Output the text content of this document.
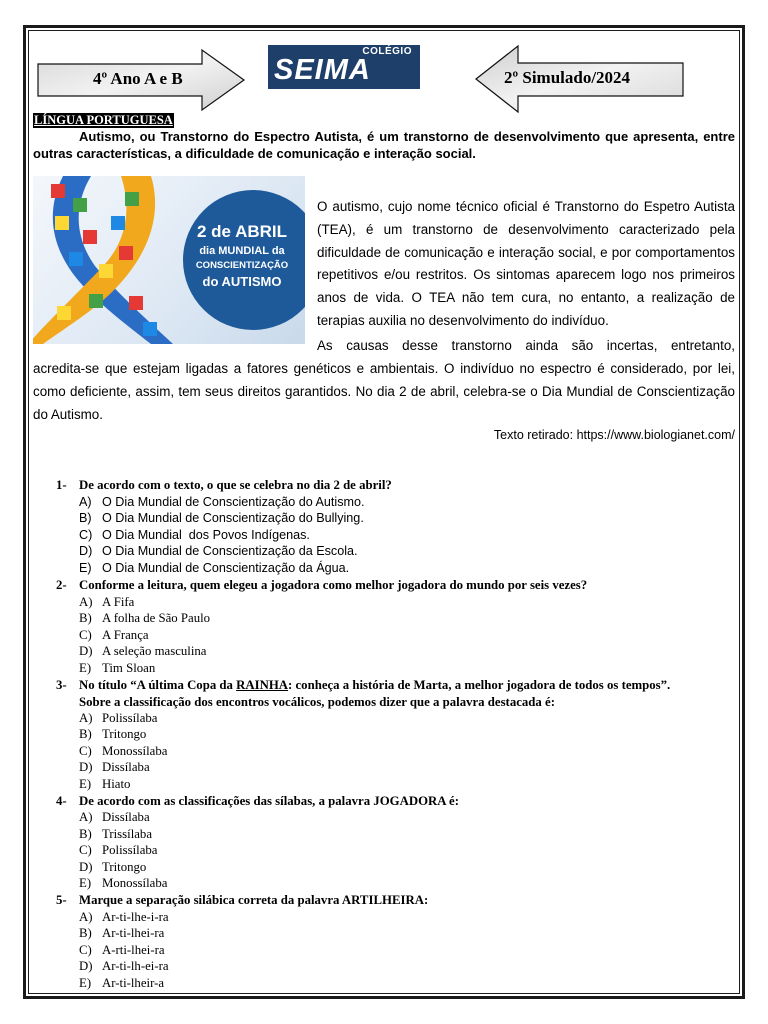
4º Ano A e B
COLÉGIO
SEIMA	2º Simulado/2024
LÍNGUA PORTUGUESA
Autismo, ou Transtorno do Espectro Autista, é um transtorno de desenvolvimento que apresenta, entre outras características, a dificuldade de comunicação e interação social.
2 de ABRIL
dia MUNDIAL da
CONSCIENTIZAÇÃO
do AUTISMO
O autismo, cujo nome técnico oficial é Transtorno do Espetro Autista (TEA), é um transtorno de desenvolvimento caracterizado pela dificuldade de comunicação e interação social, e por comportamentos repetitivos e/ou restritos. Os sintomas aparecem logo nos primeiros anos de vida. O TEA não tem cura, no entanto, a realização de terapias auxilia no desenvolvimento do indivíduo.
As causas desse transtorno ainda são incertas, entretanto,
acredita-se que estejam ligadas a fatores genéticos e ambientais. O indivíduo no espectro é considerado, por lei, como deficiente, assim, tem seus direitos garantidos. No dia 2 de abril, celebra-se o Dia Mundial de Conscientização do Autismo.
Texto retirado: https://www.biologianet.com/
1- De acordo com o texto, o que se celebra no dia 2 de abril?
A) O Dia Mundial de Conscientização do Autismo.
B) O Dia Mundial de Conscientização do Bullying.
C) O Dia Mundial  dos Povos Indígenas.
D) O Dia Mundial de Conscientização da Escola.
E) O Dia Mundial de Conscientização da Água.
2- Conforme a leitura, quem elegeu a jogadora como melhor jogadora do mundo por seis vezes?
A) A Fifa
B) A folha de São Paulo
C) A França
D) A seleção masculina
E) Tim Sloan
3- No título “A última Copa da RAINHA: conheça a história de Marta, a melhor jogadora de todos os tempos”.
Sobre a classificação dos encontros vocálicos, podemos dizer que a palavra destacada é:
A) Polissílaba
B) Tritongo
C) Monossílaba
D) Dissílaba
E) Hiato
4- De acordo com as classificações das sílabas, a palavra JOGADORA é:
A) Dissílaba
B) Trissílaba
C) Polissílaba
D) Tritongo
E) Monossílaba
5- Marque a separação silábica correta da palavra ARTILHEIRA:
A) Ar-ti-lhe-i-ra
B) Ar-ti-lhei-ra
C) A-rti-lhei-ra
D) Ar-ti-lh-ei-ra
E) Ar-ti-lheir-a
